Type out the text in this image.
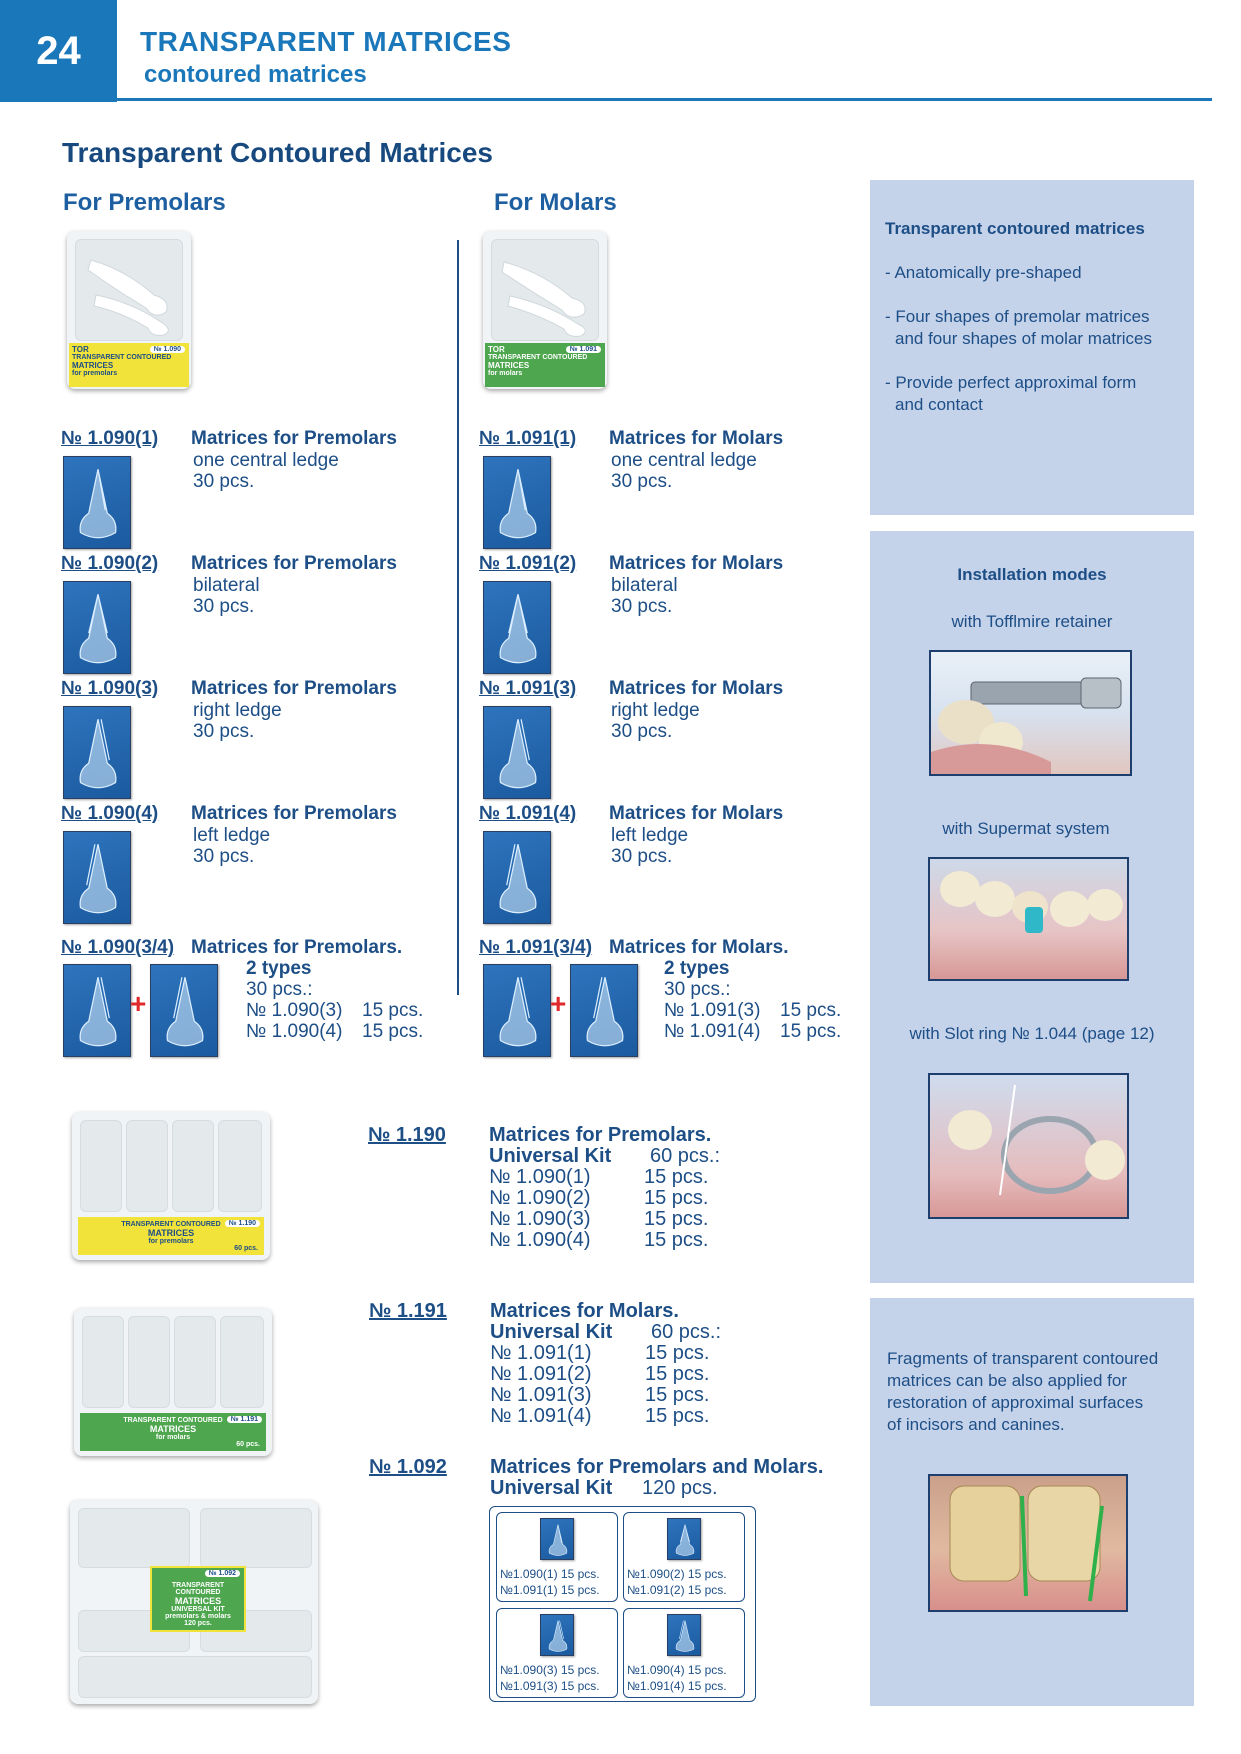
24	TRANSPARENT MATRICES
contoured matrices
Transparent Contoured Matrices
For Premolars	For Molars
TOR	№ 1.090
TRANSPARENT CONTOURED
MATRICES
for premolars
TOR	№ 1.091
TRANSPARENT CONTOURED
MATRICES
for molars
№ 1.090(3/4) Matrices for Premolars.
2 types
30 pcs.:
№ 1.090(3) 15 pcs.
№ 1.090(4) 15 pcs.
+
№ 1.091(3/4) Matrices for Molars.
2 types
30 pcs.:
№ 1.091(3) 15 pcs.
№ 1.091(4) 15 pcs.
+
№ 1.190
TRANSPARENT CONTOURED
MATRICES
for premolars
60 pcs.
№ 1.190 Matrices for Premolars.
Universal Kit 60 pcs.:
№ 1.191
TRANSPARENT CONTOURED
MATRICES
for molars
60 pcs.
№ 1.191 Matrices for Molars.
Universal Kit 60 pcs.:
№ 1.092
TRANSPARENT CONTOURED
MATRICES
UNIVERSAL KIT
premolars & molars
120 pcs.
№ 1.092 Matrices for Premolars and Molars.
Universal Kit 120 pcs.
Transparent contoured matrices
- Anatomically pre-shaped
- Four shapes of premolar matrices
and four shapes of molar matrices
- Provide perfect approximal form
and contact
Installation modes
with Tofflmire retainer
with Supermat system
with Slot ring № 1.044 (page 12)
Fragments of transparent contoured
matrices can be also applied for
restoration of approximal surfaces
of incisors and canines.
№ 1.090(1) Matrices for Premolars
one central ledge
30 pcs.
№ 1.090(2) Matrices for Premolars
bilateral
30 pcs.
№ 1.090(3) Matrices for Premolars
right ledge
30 pcs.
№ 1.090(4) Matrices for Premolars
left ledge
30 pcs.
№ 1.091(1) Matrices for Molars
one central ledge
30 pcs.
№ 1.091(2) Matrices for Molars
bilateral
30 pcs.
№ 1.091(3) Matrices for Molars
right ledge
30 pcs.
№ 1.091(4) Matrices for Molars
left ledge
30 pcs.
№ 1.090(1)	15 pcs.
№ 1.090(2)	15 pcs.
№ 1.090(3)	15 pcs.
№ 1.090(4)	15 pcs.
№ 1.091(1)	15 pcs.
№ 1.091(2)	15 pcs.
№ 1.091(3)	15 pcs.
№ 1.091(4)	15 pcs.
№1.090(1) 15 pcs.
№1.091(1) 15 pcs.
№1.090(2) 15 pcs.
№1.091(2) 15 pcs.
№1.090(3) 15 pcs.
№1.091(3) 15 pcs.
№1.090(4) 15 pcs.
№1.091(4) 15 pcs.
